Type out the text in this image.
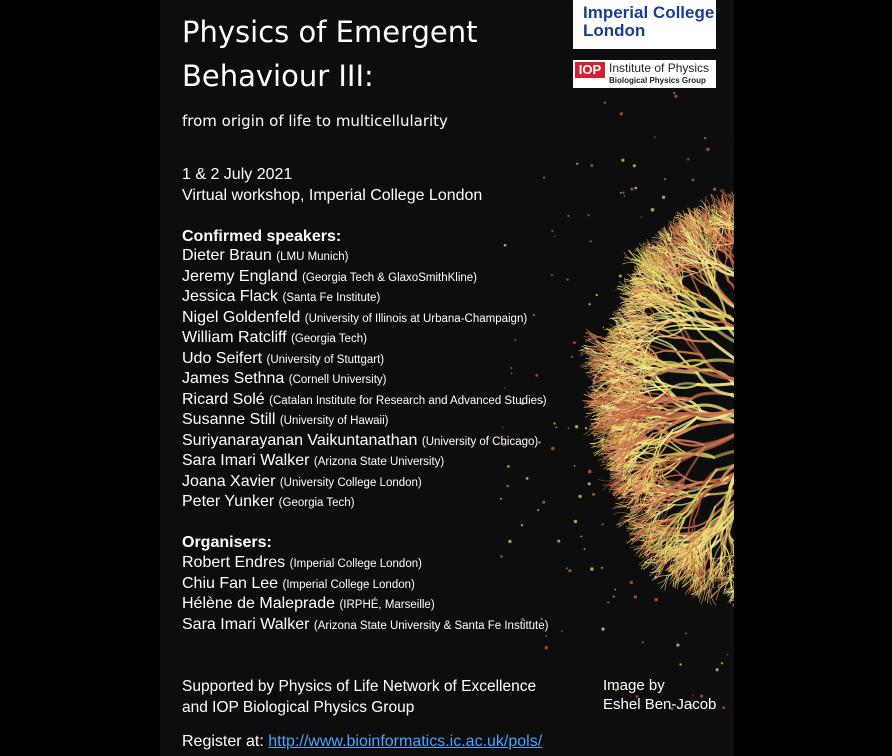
Physics of Emergent
Behaviour III:
from origin of life to multicellularity
1 & 2 July 2021
Virtual workshop, Imperial College London
Confirmed speakers:
Dieter Braun (LMU Munich)
Jeremy England (Georgia Tech & GlaxoSmithKline)
Jessica Flack (Santa Fe Institute)
Nigel Goldenfeld (University of Illinois at Urbana-Champaign)
William Ratcliff (Georgia Tech)
Udo Seifert (University of Stuttgart)
James Sethna (Cornell University)
Ricard Solé (Catalan Institute for Research and Advanced Studies)
Susanne Still (University of Hawaii)
Suriyanarayanan Vaikuntanathan (University of Chicago)
Sara Imari Walker (Arizona State University)
Joana Xavier (University College London)
Peter Yunker (Georgia Tech)
Organisers:
Robert Endres (Imperial College London)
Chiu Fan Lee (Imperial College London)
Hélène de Maleprade (IRPHÉ, Marseille)
Sara Imari Walker (Arizona State University & Santa Fe Institute)
Supported by Physics of Life Network of Excellence
and IOP Biological Physics Group
Image by
Eshel Ben-Jacob
Register at: http://www.bioinformatics.ic.ac.uk/pols/
Imperial College
London
IOP Institute of Physics
Biological Physics Group
